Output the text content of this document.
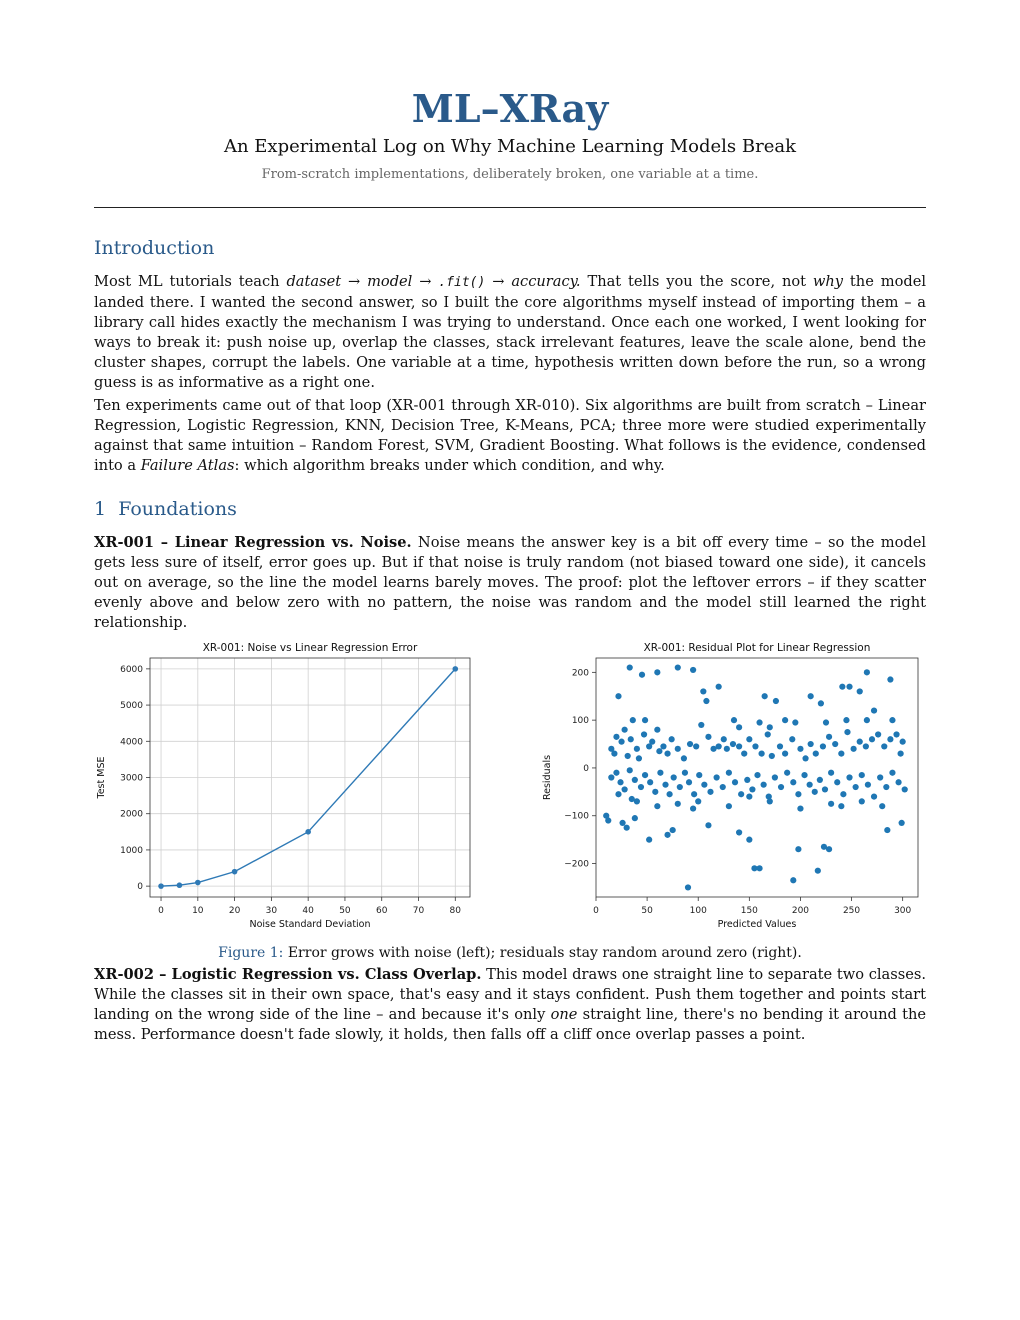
ML–XRay
An Experimental Log on Why Machine Learning Models Break
From-scratch implementations, deliberately broken, one variable at a time.
Introduction

Most ML tutorials teach dataset → model → .fit() → accuracy. That tells you the score, not why the model landed there. I wanted the second answer, so I built the core algorithms myself instead of importing them – a library call hides exactly the mechanism I was trying to understand. Once each one worked, I went looking for ways to break it: push noise up, overlap the classes, stack irrelevant features, leave the scale alone, bend the cluster shapes, corrupt the labels. One variable at a time, hypothesis written down before the run, so a wrong guess is as informative as a right one.

Ten experiments came out of that loop (XR-001 through XR-010). Six algorithms are built from scratch – Linear Regression, Logistic Regression, KNN, Decision Tree, K-Means, PCA; three more were studied experimentally against that same intuition – Random Forest, SVM, Gradient Boosting. What follows is the evidence, condensed into a Failure Atlas: which algorithm breaks under which condition, and why.

1 Foundations

XR-001 – Linear Regression vs. Noise. Noise means the answer key is a bit off every time – so the model gets less sure of itself, error goes up. But if that noise is truly random (not biased toward one side), it cancels out on average, so the line the model learns barely moves. The proof: plot the leftover errors – if they scatter evenly above and below zero with no pattern, the noise was random and the model still learned the right relationship.

0	10	20	30	40	50	60	70	80
0
1000
2000
3000
4000
5000
6000
XR-001: Noise vs Linear Regression Error
Noise Standard Deviation
Test MSE
0	50	100	150	200	250	300
−200
−100
0
100
200
XR-001: Residual Plot for Linear Regression
Predicted Values
Residuals
Figure 1: Error grows with noise (left); residuals stay random around zero (right).

XR-002 – Logistic Regression vs. Class Overlap. This model draws one straight line to separate two classes. While the classes sit in their own space, that's easy and it stays confident. Push them together and points start landing on the wrong side of the line – and because it's only one straight line, there's no bending it around the mess. Performance doesn't fade slowly, it holds, then falls off a cliff once overlap passes a point.
